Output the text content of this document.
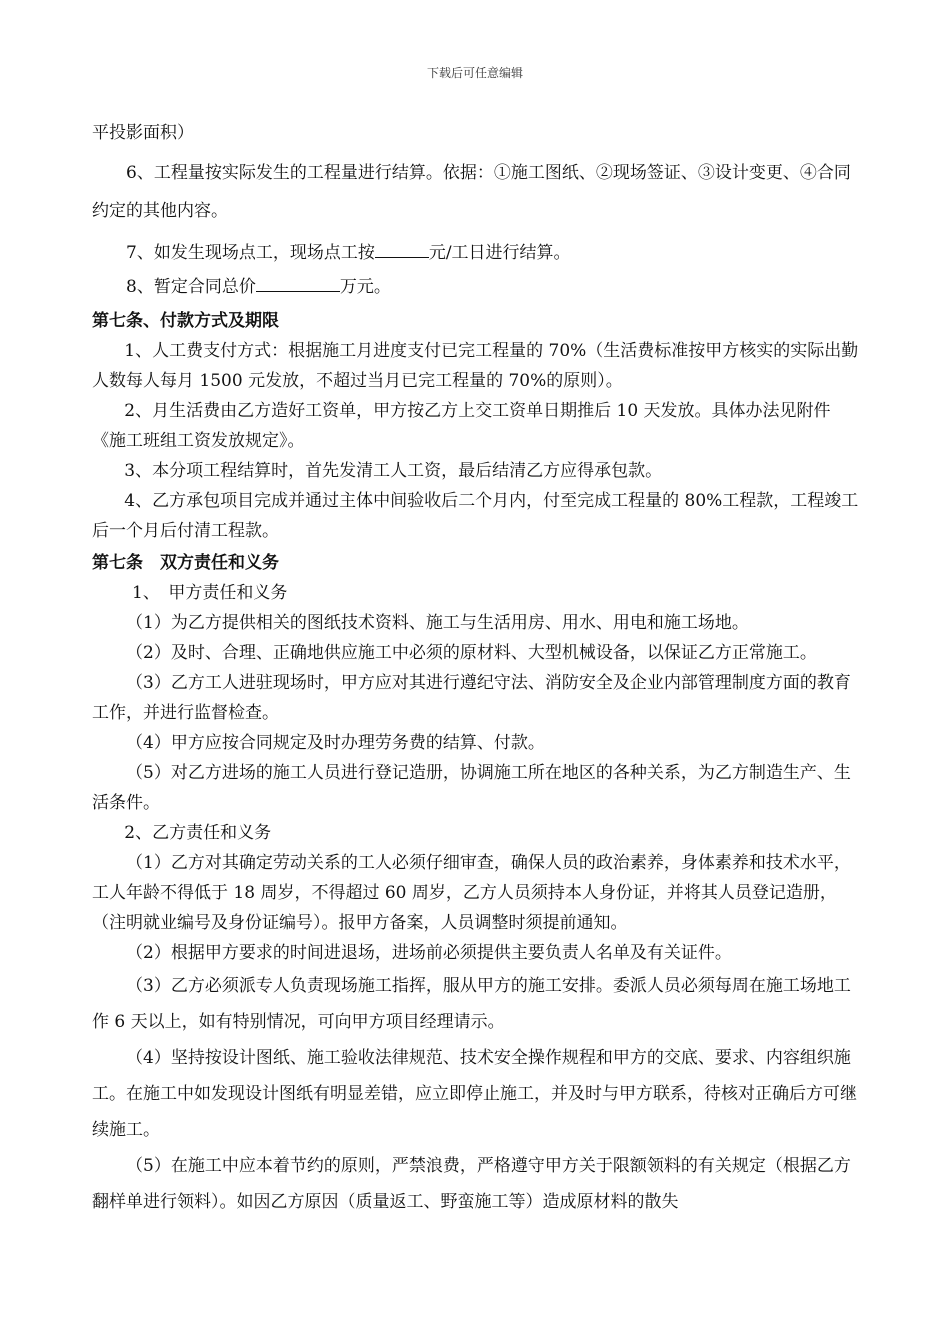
下载后可任意编辑

平投影面积）

6、工程量按实际发生的工程量进行结算。依据：①施工图纸、②现场签证、③设计变更、④合同约定的其他内容。

7、如发生现场点工，现场点工按	元/工日进行结算。

8、暂定合同总价	万元。

第七条、付款方式及期限

1、人工费支付方式：根据施工月进度支付已完工程量的 70%（生活费标准按甲方核实的实际出勤人数每人每月 1500 元发放，不超过当月已完工程量的 70%的原则）。

2、月生活费由乙方造好工资单，甲方按乙方上交工资单日期推后 10 天发放。具体办法见附件《施工班组工资发放规定》。

3、本分项工程结算时，首先发清工人工资，最后结清乙方应得承包款。

4、乙方承包项目完成并通过主体中间验收后二个月内，付至完成工程量的 80%工程款，工程竣工后一个月后付清工程款。

第七条　双方责任和义务

1、　甲方责任和义务

（1）为乙方提供相关的图纸技术资料、施工与生活用房、用水、用电和施工场地。

（2）及时、合理、正确地供应施工中必须的原材料、大型机械设备，以保证乙方正常施工。

（3）乙方工人进驻现场时，甲方应对其进行遵纪守法、消防安全及企业内部管理制度方面的教育工作，并进行监督检查。

（4）甲方应按合同规定及时办理劳务费的结算、付款。

（5）对乙方进场的施工人员进行登记造册，协调施工所在地区的各种关系，为乙方制造生产、生活条件。

2、乙方责任和义务

（1）乙方对其确定劳动关系的工人必须仔细审查，确保人员的政治素养，身体素养和技术水平，工人年龄不得低于 18 周岁，不得超过 60 周岁，乙方人员须持本人身份证，并将其人员登记造册，（注明就业编号及身份证编号）。报甲方备案，人员调整时须提前通知。

（2）根据甲方要求的时间进退场，进场前必须提供主要负责人名单及有关证件。

（3）乙方必须派专人负责现场施工指挥，服从甲方的施工安排。委派人员必须每周在施工场地工作 6 天以上，如有特别情况，可向甲方项目经理请示。

（4）坚持按设计图纸、施工验收法律规范、技术安全操作规程和甲方的交底、要求、内容组织施工。在施工中如发现设计图纸有明显差错，应立即停止施工，并及时与甲方联系，待核对正确后方可继续施工。

（5）在施工中应本着节约的原则，严禁浪费，严格遵守甲方关于限额领料的有关规定（根据乙方翻样单进行领料）。如因乙方原因（质量返工、野蛮施工等）造成原材料的散失
